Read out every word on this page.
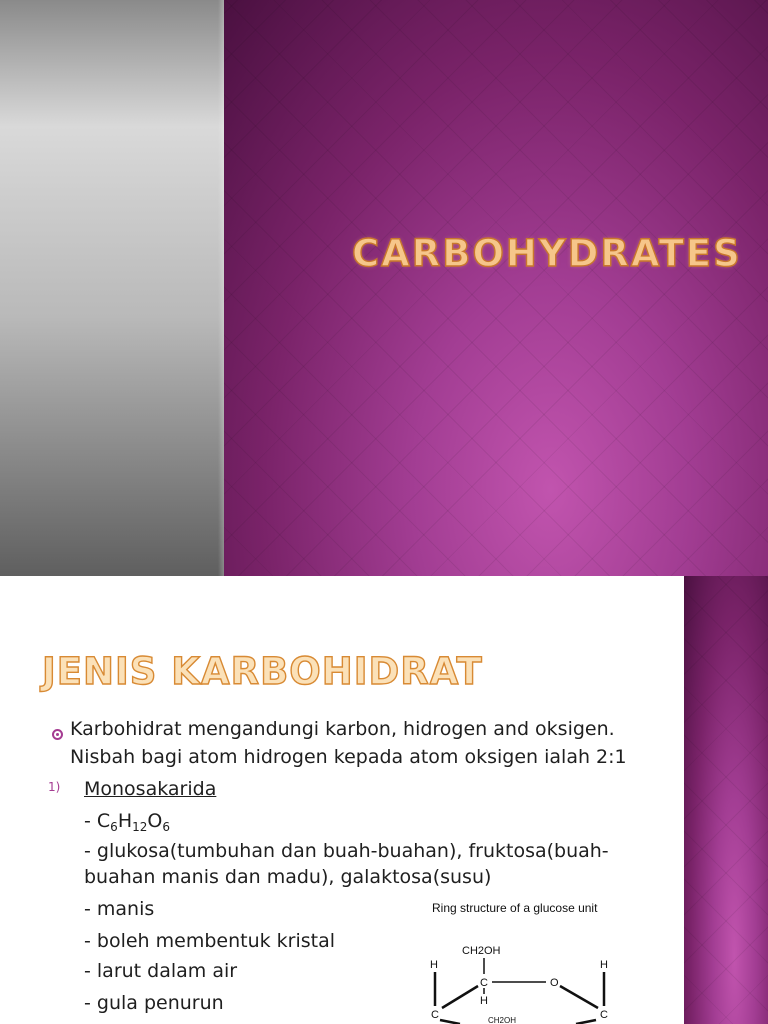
CARBOHYDRATES
JENIS KARBOHIDRAT
Karbohidrat mengandungi karbon, hidrogen and oksigen.
Nisbah bagi atom hidrogen kepada atom oksigen ialah 2:1
1) Monosakarida
- $C_6H_{12}O_6$
- glukosa(tumbuhan dan buah-buahan), fruktosa(buah-
buahan manis dan madu), galaktosa(susu)
- manis
- boleh membentuk kristal
- larut dalam air
- gula penurun
Ring structure of a glucose unit
CH2OH
H	H
C	O
H
C	C
CH2OH
